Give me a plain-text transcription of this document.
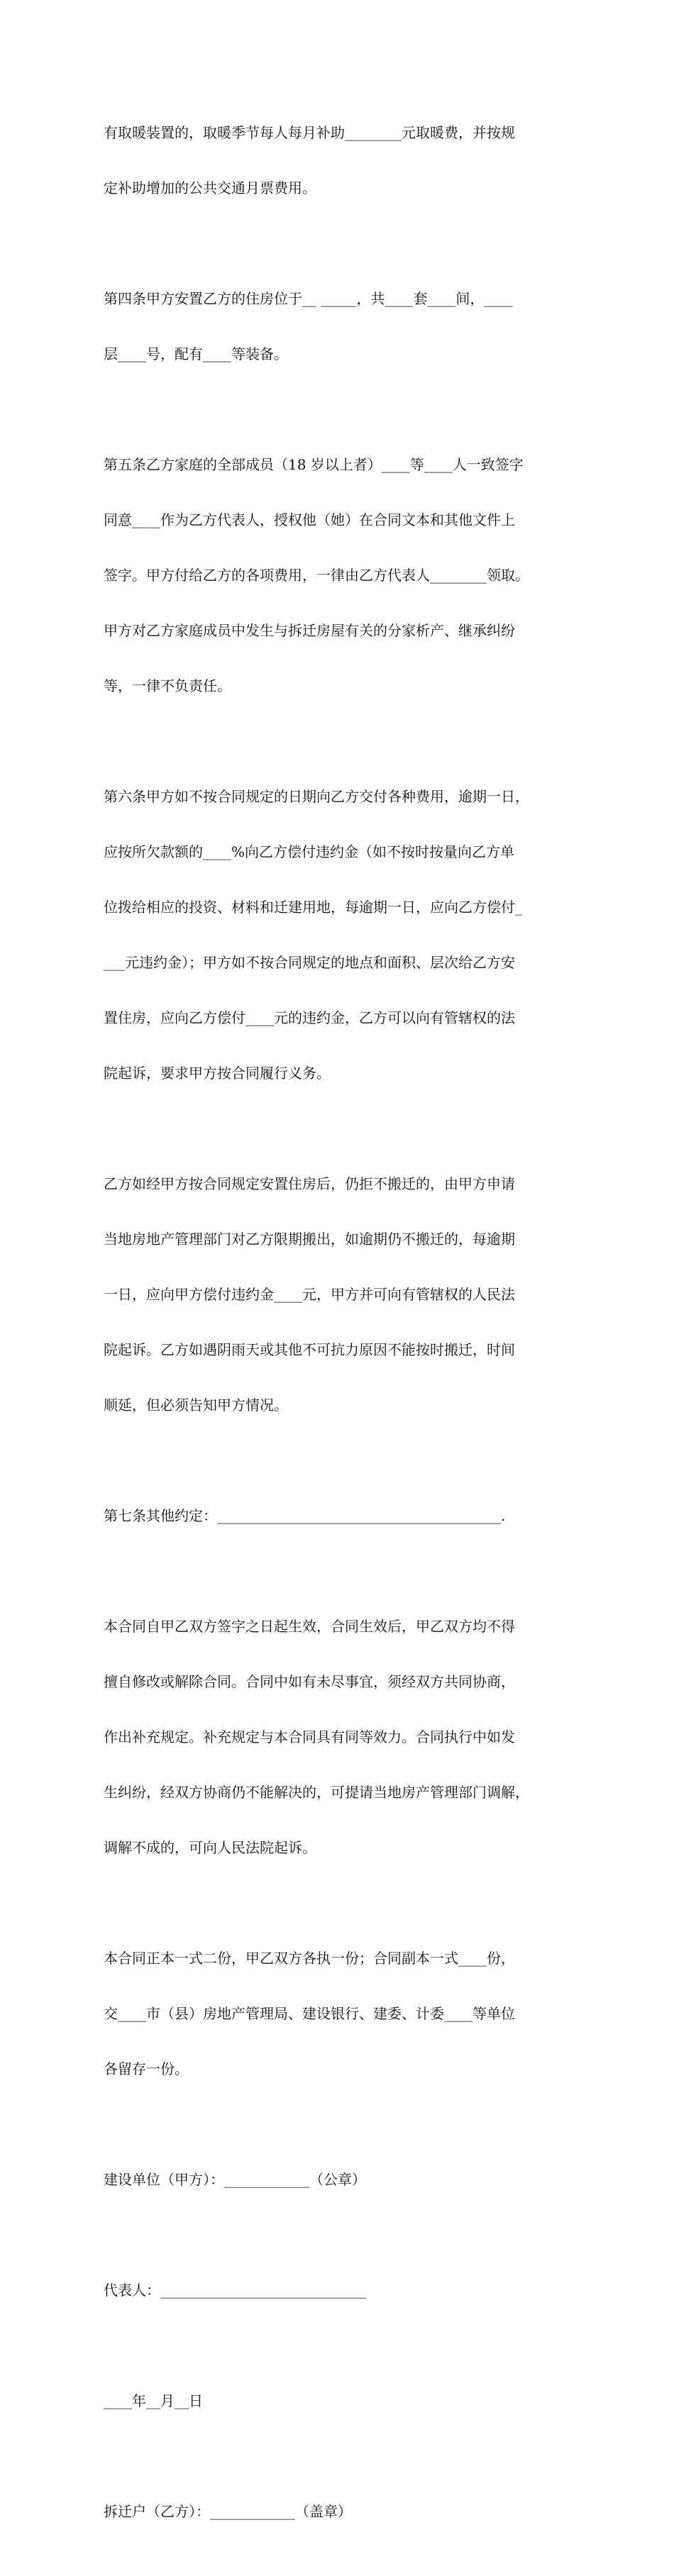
有取暖装置的，取暖季节每人每月补助________元取暖费，并按规

定补助增加的公共交通月票费用。

第四条甲方安置乙方的住房位于__ _____，共____套____间，____

层____号，配有____等装备。

第五条乙方家庭的全部成员（18 岁以上者）____等____人一致签字

同意____作为乙方代表人，授权他（她）在合同文本和其他文件上

签字。甲方付给乙方的各项费用，一律由乙方代表人________领取。

甲方对乙方家庭成员中发生与拆迁房屋有关的分家析产、继承纠纷

等，一律不负责任。

第六条甲方如不按合同规定的日期向乙方交付各种费用，逾期一日，

应按所欠款额的____%向乙方偿付违约金（如不按时按量向乙方单

位拨给相应的投资、材料和迁建用地，每逾期一日，应向乙方偿付_

___元违约金）；甲方如不按合同规定的地点和面积、层次给乙方安

置住房，应向乙方偿付____元的违约金，乙方可以向有管辖权的法

院起诉，要求甲方按合同履行义务。

乙方如经甲方按合同规定安置住房后，仍拒不搬迁的，由甲方申请

当地房地产管理部门对乙方限期搬出，如逾期仍不搬迁的，每逾期

一日，应向甲方偿付违约金____元，甲方并可向有管辖权的人民法

院起诉。乙方如遇阴雨天或其他不可抗力原因不能按时搬迁，时间

顺延，但必须告知甲方情况。

第七条其他约定：________________________________________.

本合同自甲乙双方签字之日起生效，合同生效后，甲乙双方均不得

擅自修改或解除合同。合同中如有未尽事宜，须经双方共同协商，

作出补充规定。补充规定与本合同具有同等效力。合同执行中如发

生纠纷，经双方协商仍不能解决的，可提请当地房产管理部门调解，

调解不成的，可向人民法院起诉。

本合同正本一式二份，甲乙双方各执一份；合同副本一式____份，

交____市（县）房地产管理局、建设银行、建委、计委____等单位

各留存一份。

建设单位（甲方）：____________（公章）

代表人：_____________________________

____年__月__日

拆迁户（乙方）：____________（盖章）
